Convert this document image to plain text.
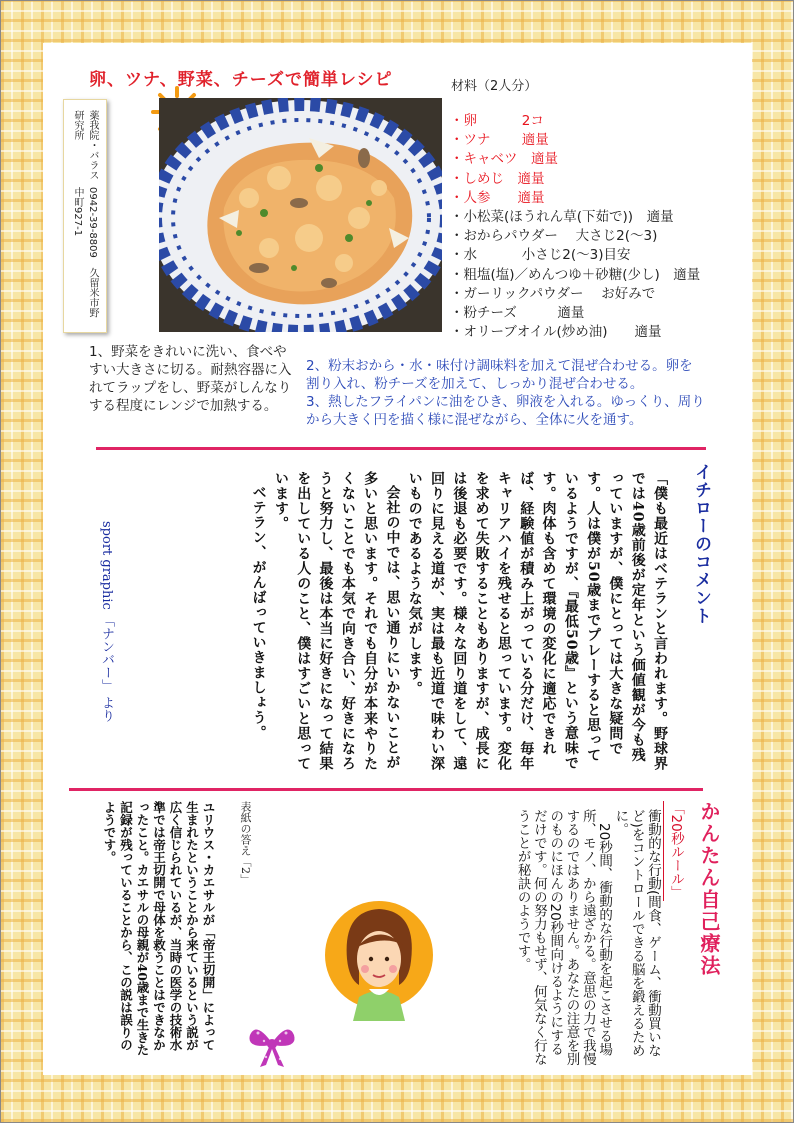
卵、ツナ、野菜、チーズで簡単レシピ
薬我院・バラス研究所
0942-39-8809　久留米市野中町927-1
材料（2人分）
・卵　　　 2コ
・ツナ　　 適量
・キャベツ　適量
・しめじ　適量
・人参　　適量
・小松菜(ほうれん草(下茹で))　適量
・おからパウダー　 大さじ2(～3)
・水　　　 小さじ2(～3)目安
・粗塩(塩)／めんつゆ＋砂糖(少し)　適量
・ガーリックパウダー　 お好みで
・粉チーズ　　　適量
・オリーブオイル(炒め油)　　適量
1、野菜をきれいに洗い、食べやすい大きさに切る。耐熱容器に入れてラップをし、野菜がしんなりする程度にレンジで加熱する。
2、粉末おから・水・味付け調味料を加えて混ぜ合わせる。卵を割り入れ、粉チーズを加えて、しっかり混ぜ合わせる。
3、熱したフライパンに油をひき、卵液を入れる。ゆっくり、周りから大きく円を描く様に混ぜながら、全体に火を通す。
イチローのコメント

「僕も最近はベテランと言われます。野球界では40歳前後が定年という価値観が今も残っていますが、僕にとっては大きな疑問です。人は僕が50歳までプレーすると思っているようですが、『最低50歳』という意味です。肉体も含めて環境の変化に適応できれば、経験値が積み上がっている分だけ、毎年キャリアハイを残せると思っています。変化を求めて失敗することもありますが、成長には後退も必要です。様々な回り道をして、遠回りに見える道が、実は最も近道で味わい深いものであるような気がします。

会社の中では、思い通りにいかないことが多いと思います。それでも自分が本来やりたくないことでも本気で向き合い、好きになろうと努力し、最後は本当に好きになって結果を出している人のこと、僕はすごいと思っています。

ベテラン、がんばっていきましょう。

sport graphic 「ナンバー」 より
かんたん自己療法
「20秒ルール」

衝動的な行動(間食、ゲーム、衝動買いなど)をコントロールできる脳を鍛えるために。

20秒間、衝動的な行動を起こさせる場所、モノ、から遠ざかる。意思の力で我慢するのではありません。あなたの注意を別のものにほんの20秒間向けるようにするだけです。何の努力もせず、何気なく行なうことが秘訣のようです。

表紙の答え「2」
ユリウス・カエサルが「帝王切開」によって生まれたということから来ているという説が広く信じられているが、当時の医学の技術水準では帝王切開で母体を救うことはできなかったこと。カエサルの母親が40歳まで生きた記録が残っていることから、この説は誤りのようです。
